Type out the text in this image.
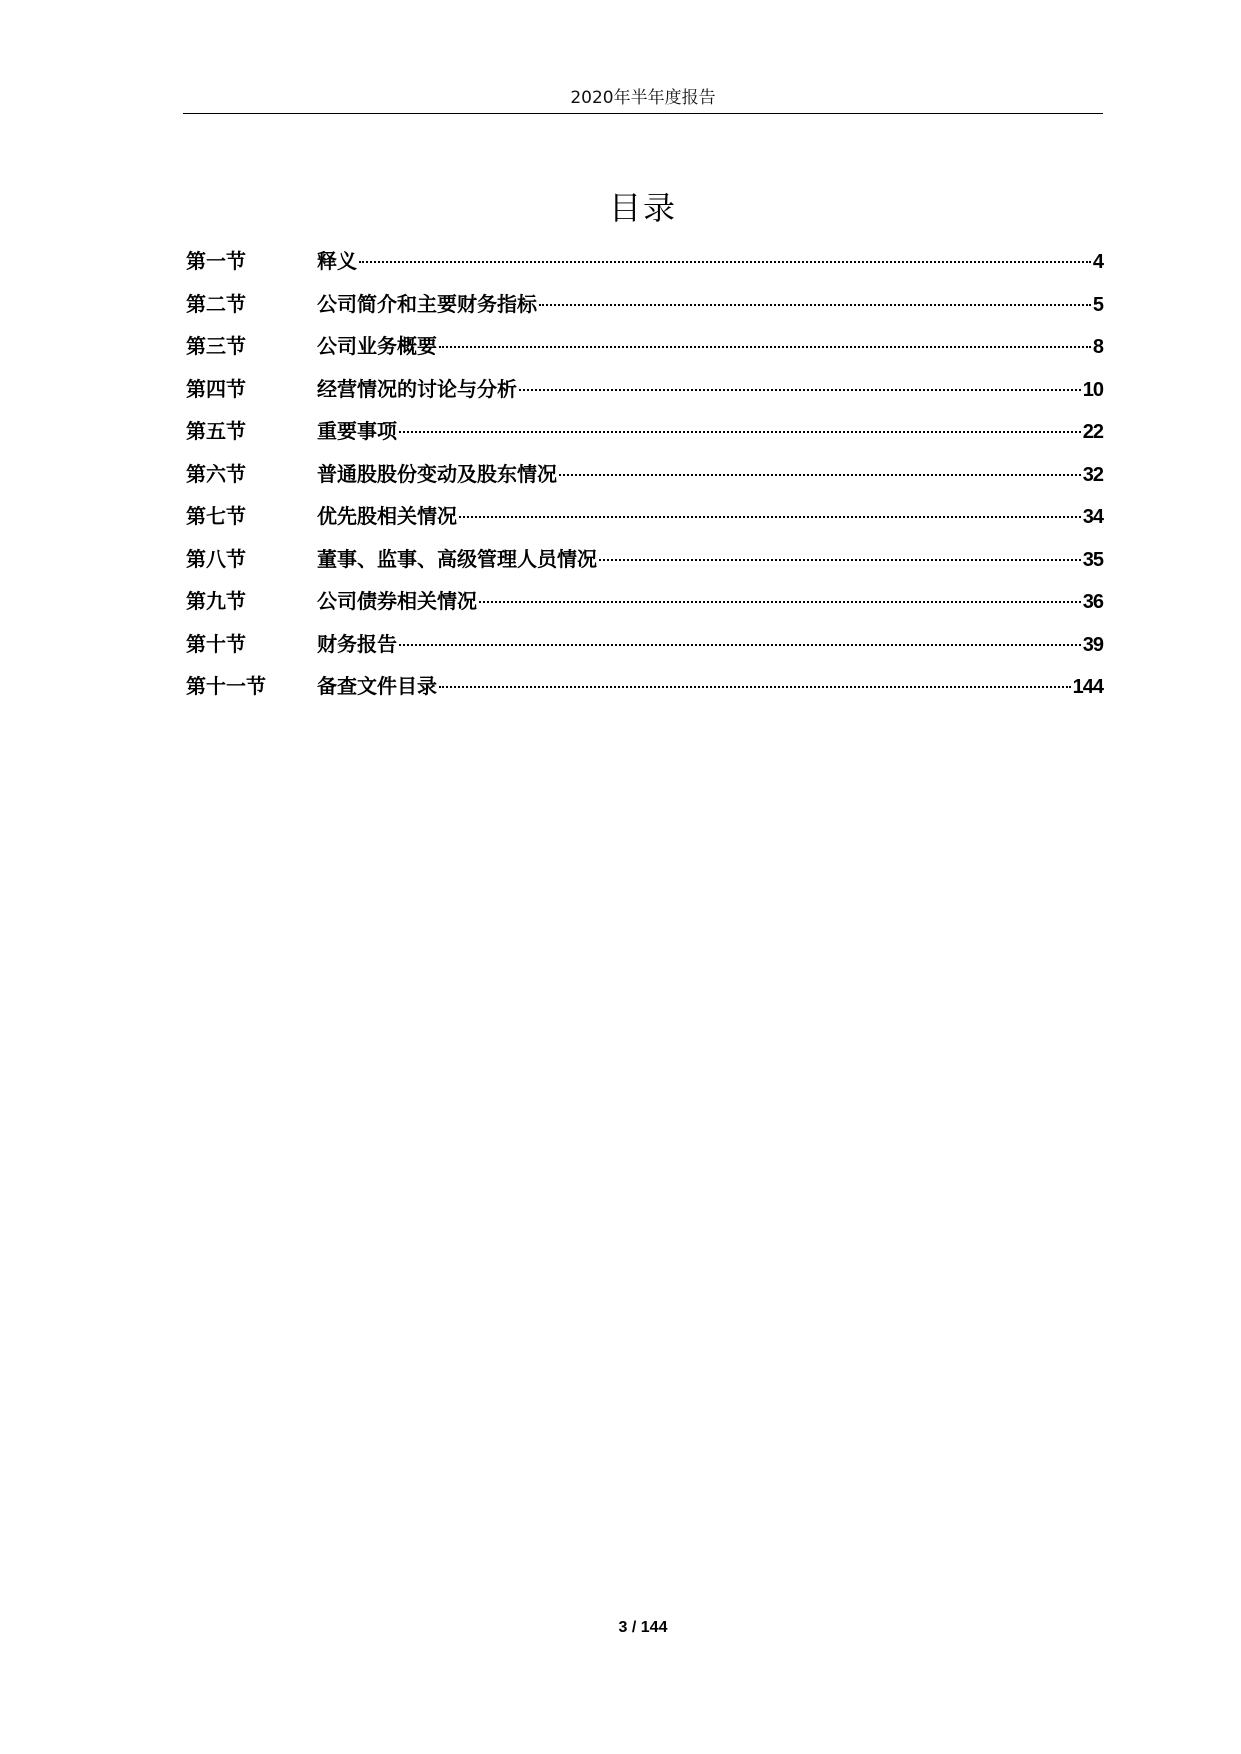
2020年半年度报告
目录
第一节	释义	4
第二节	公司简介和主要财务指标	5
第三节	公司业务概要	8
第四节	经营情况的讨论与分析	10
第五节	重要事项	22
第六节	普通股股份变动及股东情况	32
第七节	优先股相关情况	34
第八节	董事、监事、高级管理人员情况	35
第九节	公司债券相关情况	36
第十节	财务报告	39
第十一节	备查文件目录	144
3 / 144
